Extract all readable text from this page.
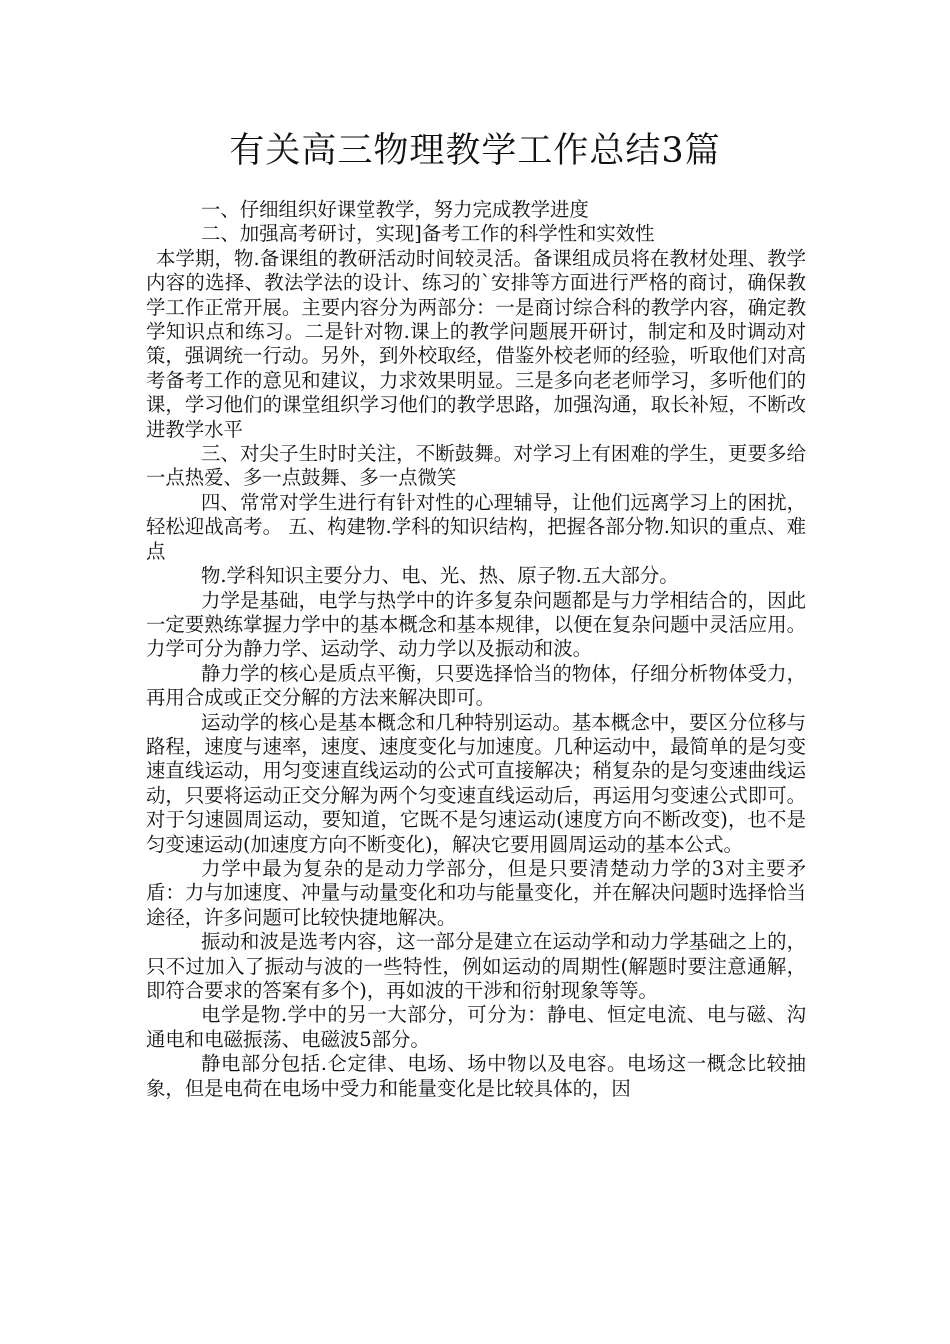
有关高三物理教学工作总结3篇

一、仔细组织好课堂教学，努力完成教学进度

二、加强高考研讨，实现]备考工作的科学性和实效性

本学期，物.备课组的教研活动时间较灵活。备课组成员将在教材处理、教学内容的选择、教法学法的设计、练习的`安排等方面进行严格的商讨，确保教学工作正常开展。主要内容分为两部分：一是商讨综合科的教学内容，确定教学知识点和练习。二是针对物.课上的教学问题展开研讨，制定和及时调动对策，强调统一行动。另外，到外校取经，借鉴外校老师的经验，听取他们对高考备考工作的意见和建议，力求效果明显。三是多向老老师学习，多听他们的课，学习他们的课堂组织学习他们的教学思路，加强沟通，取长补短，不断改进教学水平

三、对尖子生时时关注，不断鼓舞。对学习上有困难的学生，更要多给一点热爱、多一点鼓舞、多一点微笑

四、常常对学生进行有针对性的心理辅导，让他们远离学习上的困扰，轻松迎战高考。 五、构建物.学科的知识结构，把握各部分物.知识的重点、难点

物.学科知识主要分力、电、光、热、原子物.五大部分。

力学是基础，电学与热学中的许多复杂问题都是与力学相结合的，因此一定要熟练掌握力学中的基本概念和基本规律，以便在复杂问题中灵活应用。力学可分为静力学、运动学、动力学以及振动和波。

静力学的核心是质点平衡，只要选择恰当的物体，仔细分析物体受力，再用合成或正交分解的方法来解决即可。

运动学的核心是基本概念和几种特别运动。基本概念中，要区分位移与路程，速度与速率，速度、速度变化与加速度。几种运动中，最简单的是匀变速直线运动，用匀变速直线运动的公式可直接解决；稍复杂的是匀变速曲线运动，只要将运动正交分解为两个匀变速直线运动后，再运用匀变速公式即可。对于匀速圆周运动，要知道，它既不是匀速运动(速度方向不断改变)，也不是匀变速运动(加速度方向不断变化)，解决它要用圆周运动的基本公式。

力学中最为复杂的是动力学部分，但是只要清楚动力学的3对主要矛盾：力与加速度、冲量与动量变化和功与能量变化，并在解决问题时选择恰当途径，许多问题可比较快捷地解决。

振动和波是选考内容，这一部分是建立在运动学和动力学基础之上的，只不过加入了振动与波的一些特性，例如运动的周期性(解题时要注意通解，即符合要求的答案有多个)，再如波的干涉和衍射现象等等。

电学是物.学中的另一大部分，可分为：静电、恒定电流、电与磁、沟通电和电磁振荡、电磁波5部分。

静电部分包括.仑定律、电场、场中物以及电容。电场这一概念比较抽象，但是电荷在电场中受力和能量变化是比较具体的，因
